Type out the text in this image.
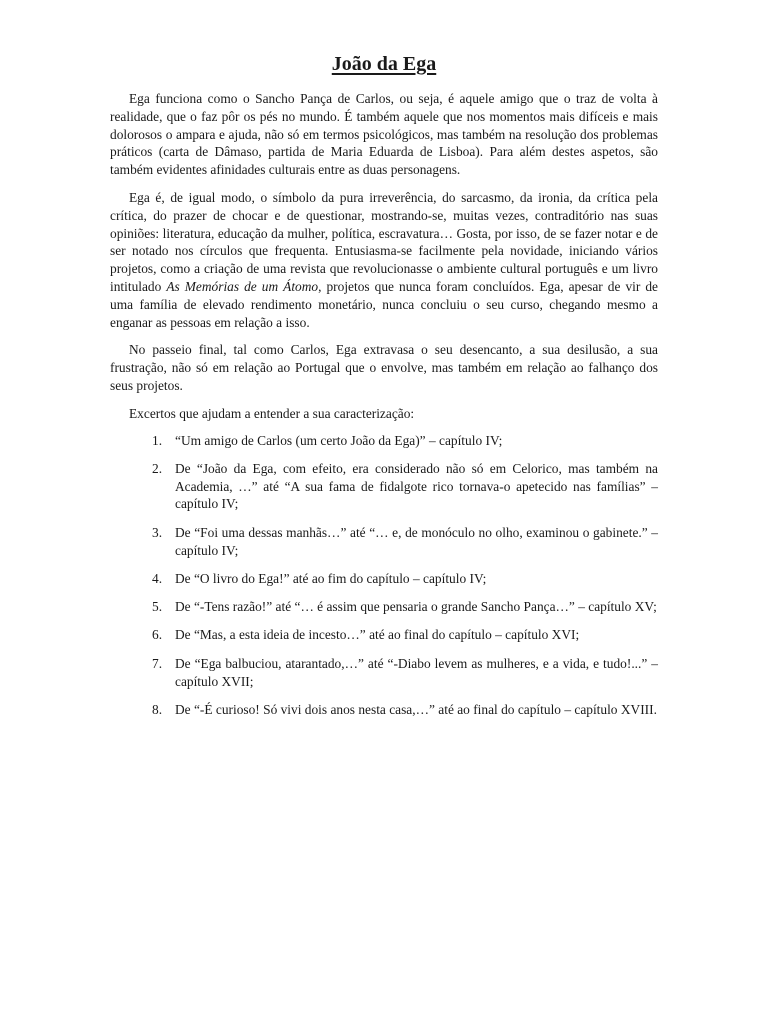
João da Ega

Ega funciona como o Sancho Pança de Carlos, ou seja, é aquele amigo que o traz de volta à realidade, que o faz pôr os pés no mundo. É também aquele que nos momentos mais difíceis e mais dolorosos o ampara e ajuda, não só em termos psicológicos, mas também na resolução dos problemas práticos (carta de Dâmaso, partida de Maria Eduarda de Lisboa). Para além destes aspetos, são também evidentes afinidades culturais entre as duas personagens.

Ega é, de igual modo, o símbolo da pura irreverência, do sarcasmo, da ironia, da crítica pela crítica, do prazer de chocar e de questionar, mostrando-se, muitas vezes, contraditório nas suas opiniões: literatura, educação da mulher, política, escravatura… Gosta, por isso, de se fazer notar e de ser notado nos círculos que frequenta. Entusiasma-se facilmente pela novidade, iniciando vários projetos, como a criação de uma revista que revolucionasse o ambiente cultural português e um livro intitulado As Memórias de um Átomo, projetos que nunca foram concluídos. Ega, apesar de vir de uma família de elevado rendimento monetário, nunca concluiu o seu curso, chegando mesmo a enganar as pessoas em relação a isso.

No passeio final, tal como Carlos, Ega extravasa o seu desencanto, a sua desilusão, a sua frustração, não só em relação ao Portugal que o envolve, mas também em relação ao falhanço dos seus projetos.

Excertos que ajudam a entender a sua caracterização:

1. “Um amigo de Carlos (um certo João da Ega)” – capítulo IV;
2. De “João da Ega, com efeito, era considerado não só em Celorico, mas também na Academia, …” até “A sua fama de fidalgote rico tornava-o apetecido nas famílias” – capítulo IV;
3. De “Foi uma dessas manhãs…” até “… e, de monóculo no olho, examinou o gabinete.” – capítulo IV;
4. De “O livro do Ega!” até ao fim do capítulo – capítulo IV;
5. De “-Tens razão!” até “… é assim que pensaria o grande Sancho Pança…” – capítulo XV;
6. De “Mas, a esta ideia de incesto…” até ao final do capítulo – capítulo XVI;
7. De “Ega balbuciou, atarantado,…” até “-Diabo levem as mulheres, e a vida, e tudo!...” – capítulo XVII;
8. De “-É curioso! Só vivi dois anos nesta casa,…” até ao final do capítulo – capítulo XVIII.
